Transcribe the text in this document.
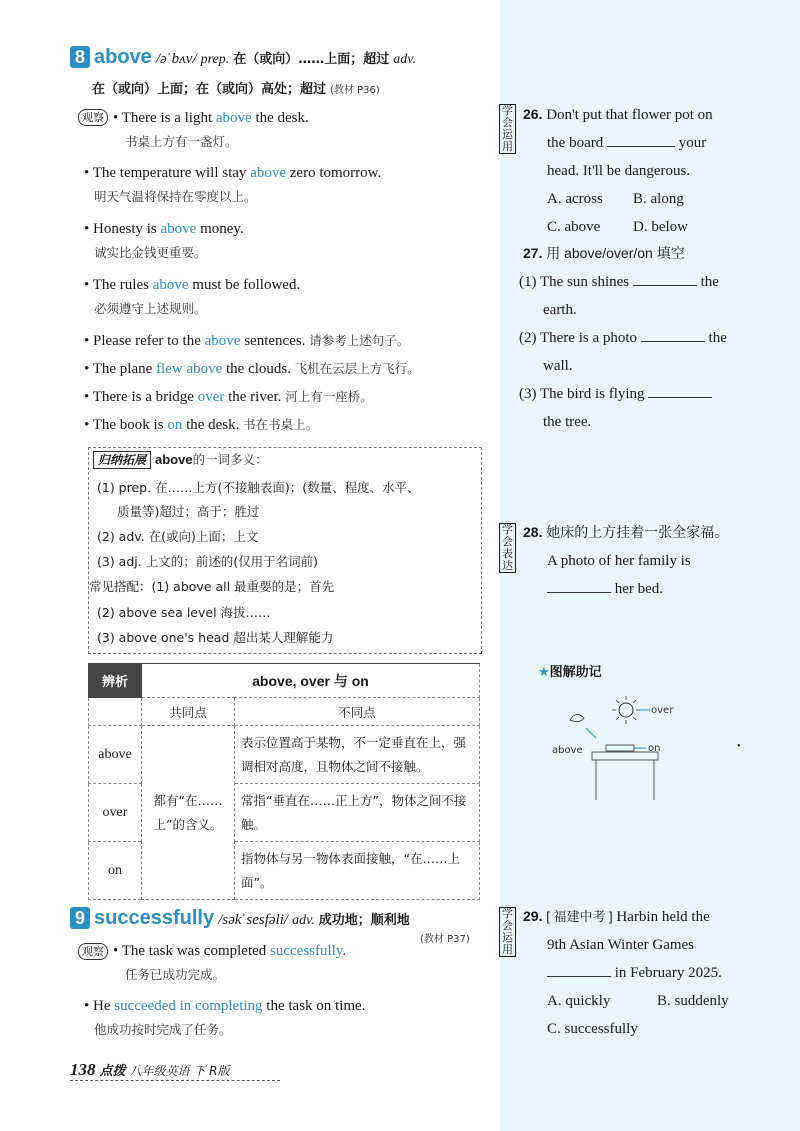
8 above /əˈbʌv/ prep. 在（或向）……上面；超过 adv.
在（或向）上面；在（或向）高处；超过 (教材 P36)
观察 • There is a light above the desk.
书桌上方有一盏灯。
• The temperature will stay above zero tomorrow.
明天气温将保持在零度以上。
• Honesty is above money.
诚实比金钱更重要。
• The rules above must be followed.
必须遵守上述规则。
• Please refer to the above sentences. 请参考上述句子。
• The plane flew above the clouds. 飞机在云层上方飞行。
• There is a bridge over the river. 河上有一座桥。
• The book is on the desk. 书在书桌上。
归纳拓展 above的一词多义：
(1) prep. 在……上方(不接触表面)；(数量、程度、水平、
质量等)超过；高于；胜过
(2) adv. 在(或向)上面；上文
(3) adj. 上文的；前述的(仅用于名词前)
常见搭配：(1) above all 最重要的是；首先
(2) above sea level 海拔……
(3) above one's head 超出某人理解能力
辨析	above, over 与 on	
	共同点	不同点
above	都有“在……上”的含义。	表示位置高于某物，不一定垂直在上，强调相对高度，且物体之间不接触。
over		常指“垂直在……正上方”，物体之间不接触。
on		指物体与另一物体表面接触，“在……上面”。
9 successfully /səkˈsesfəli/ adv. 成功地；顺利地
(教材 P37)
观察 • The task was completed successfully.
任务已成功完成。
• He succeeded in completing the task on time.
他成功按时完成了任务。
138 点拨 八年级英语 下 R版
学会运用
26. Don't put that flower pot on
the board	your
head. It'll be dangerous.
A. across B. along
C. above D. below
27. 用 above/over/on 填空
(1) The sun shines	the
earth.
(2) There is a photo	the
wall.
(3) The bird is flying
the tree.
学会表达
28. 她床的上方挂着一张全家福。
A photo of her family is
her bed.
★图解助记
over
above	on	•
学会运用
29. [ 福建中考 ] Harbin held the
9th Asian Winter Games
in February 2025.
A. quickly	B. suddenly
C. successfully
